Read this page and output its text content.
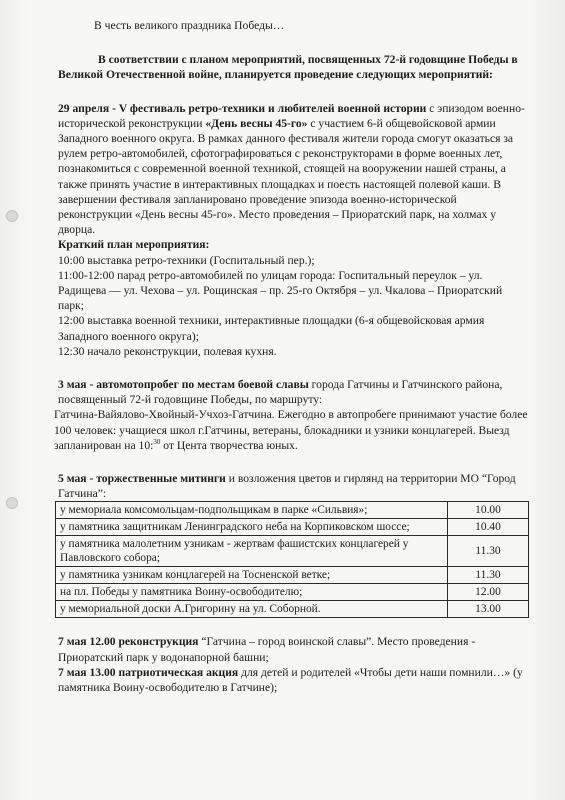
В честь великого праздника Победы…

В соответствии с планом мероприятий, посвященных 72-й годовщине Победы в Великой Отечественной войне, планируется проведение следующих мероприятий:

29 апреля - V фестиваль ретро-техники и любителей военной истории с эпизодом военно-исторической реконструкции «День весны 45-го» с участием 6-й общевойсковой армии Западного военного округа. В рамках данного фестиваля жители города смогут оказаться за рулем ретро-автомобилей, сфотографироваться с реконструкторами в форме военных лет, познакомиться с современной военной техникой, стоящей на вооружении нашей страны, а также принять участие в интерактивных площадках и поесть настоящей полевой каши. В завершении фестиваля запланировано проведение эпизода военно-исторической реконструкции «День весны 45-го». Место проведения – Приоратский парк, на холмах у дворца.

Краткий план мероприятия:

10:00 выставка ретро-техники (Госпитальный пер.);

11:00-12:00 парад ретро-автомобилей по улицам города: Госпитальный переулок – ул. Радищева — ул. Чехова – ул. Рощинская – пр. 25-го Октября – ул. Чкалова – Приоратский парк;

12:00 выставка военной техники, интерактивные площадки (6-я общевойсковая армия Западного военного округа);

12:30 начало реконструкции, полевая кухня.

3 мая - автомотопробег по местам боевой славы города Гатчины и Гатчинского района, посвященный 72-й годовщине Победы, по маршруту:

Гатчина-Вайялово-Хвойный-Учхоз-Гатчина. Ежегодно в автопробеге принимают участие более 100 человек: учащиеся школ г.Гатчины, ветераны, блокадники и узники концлагерей. Выезд запланирован на 10:$^{30}$ от Цента творчества юных.

5 мая - торжественные митинги и возложения цветов и гирлянд на территории МО “Город Гатчина”:

у мемориала комсомольцам-подпольщикам в парке «Сильвия»;	10.00
у памятника защитникам Ленинградского неба на Корпиковском шоссе;	10.40
у памятника малолетним узникам - жертвам фашистских концлагерей у Павловского собора;	11.30
у памятника узникам концлагерей на Тосненской ветке;	11.30
на пл. Победы у памятника Воину-освободителю;	12.00
у мемориальной доски А.Григорину на ул. Соборной.	13.00

7 мая 12.00 реконструкция “Гатчина – город воинской славы”. Место проведения - Приоратский парк у водонапорной башни;

7 мая 13.00 патриотическая акция для детей и родителей «Чтобы дети наши помнили…» (у памятника Воину-освободителю в Гатчине);
